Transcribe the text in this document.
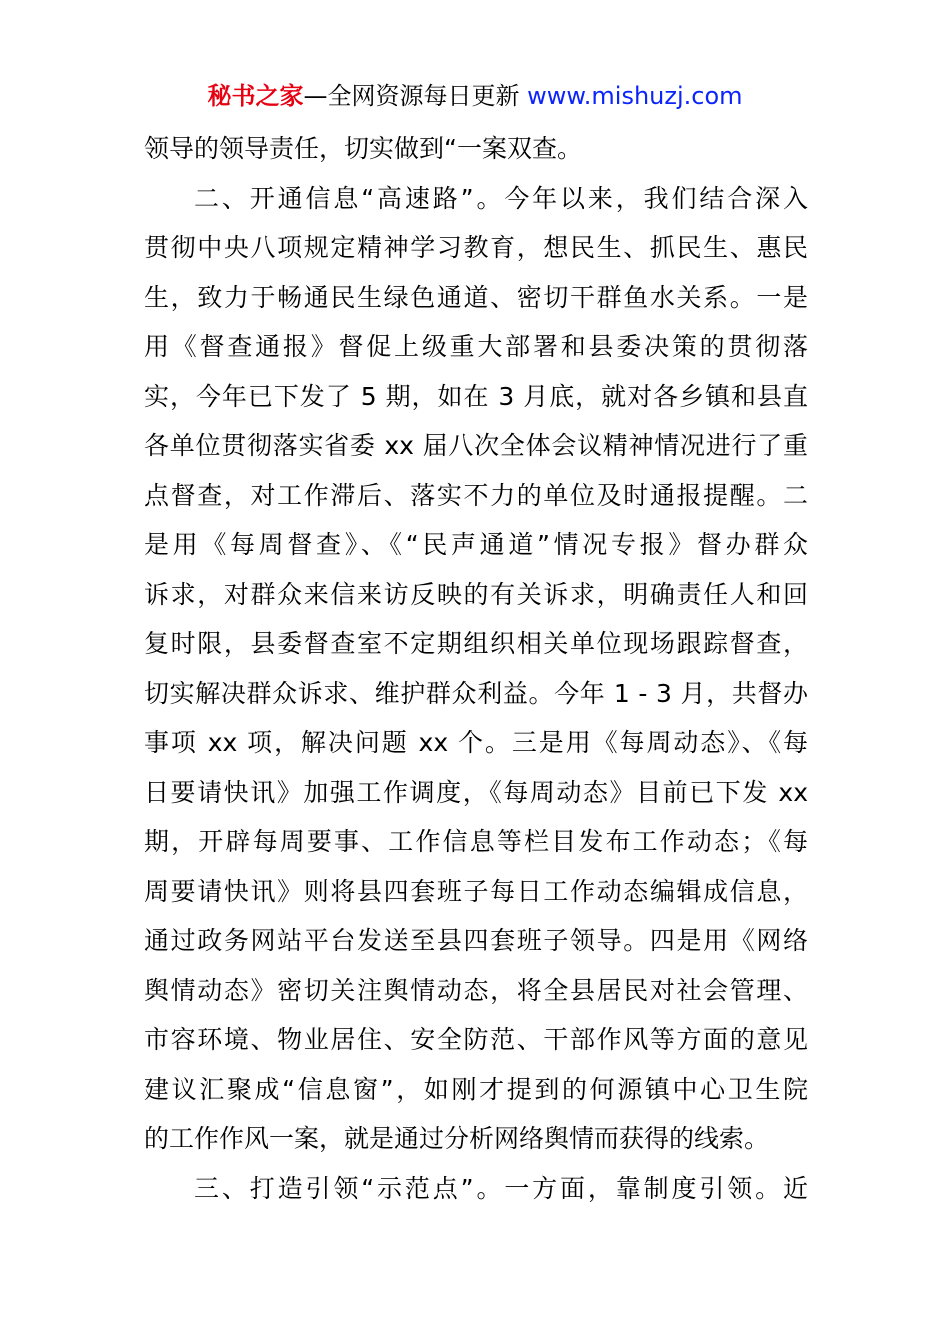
秘书之家—全网资源每日更新 www.mishuzj.com
领导的领导责任，切实做到“一案双查。
二、开通信息“高速路”。今年以来，我们结合深入
贯彻中央八项规定精神学习教育，想民生、抓民生、惠民
生，致力于畅通民生绿色通道、密切干群鱼水关系。一是
用《督查通报》督促上级重大部署和县委决策的贯彻落
实，今年已下发了 5 期，如在 3 月底，就对各乡镇和县直
各单位贯彻落实省委 xx 届八次全体会议精神情况进行了重
点督查，对工作滞后、落实不力的单位及时通报提醒。二
是用《每周督查》、《“民声通道”情况专报》督办群众
诉求，对群众来信来访反映的有关诉求，明确责任人和回
复时限，县委督查室不定期组织相关单位现场跟踪督查，
切实解决群众诉求、维护群众利益。今年 1 - 3 月，共督办
事项 xx 项，解决问题 xx 个。三是用《每周动态》、《每
日要请快讯》加强工作调度，《每周动态》目前已下发 xx
期，开辟每周要事、工作信息等栏目发布工作动态；《每
周要请快讯》则将县四套班子每日工作动态编辑成信息，
通过政务网站平台发送至县四套班子领导。四是用《网络
舆情动态》密切关注舆情动态，将全县居民对社会管理、
市容环境、物业居住、安全防范、干部作风等方面的意见
建议汇聚成“信息窗”，如刚才提到的何源镇中心卫生院
的工作作风一案，就是通过分析网络舆情而获得的线索。
三、打造引领“示范点”。一方面，靠制度引领。近
